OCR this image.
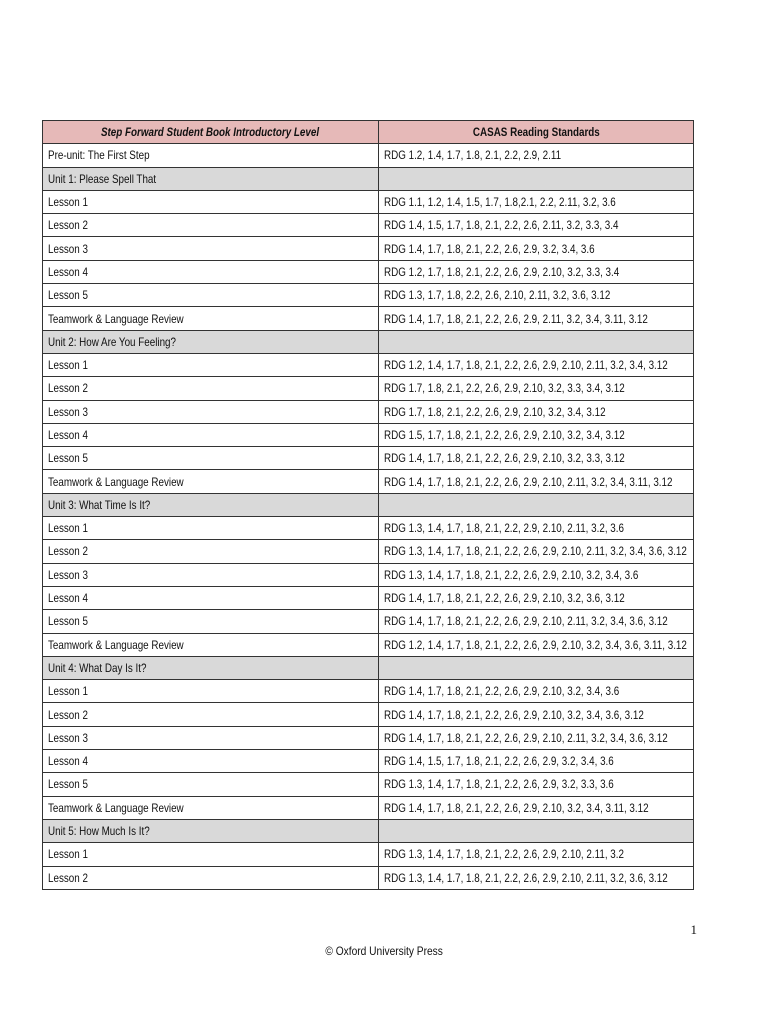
Step Forward Student Book Introductory Level	CASAS Reading Standards
Pre-unit: The First Step	RDG 1.2, 1.4, 1.7, 1.8, 2.1, 2.2, 2.9, 2.11
Unit 1: Please Spell That	
Lesson 1	RDG 1.1, 1.2, 1.4, 1.5, 1.7, 1.8,2.1, 2.2, 2.11, 3.2, 3.6
Lesson 2	RDG 1.4, 1.5, 1.7, 1.8, 2.1, 2.2, 2.6, 2.11, 3.2, 3.3, 3.4
Lesson 3	RDG 1.4, 1.7, 1.8, 2.1, 2.2, 2.6, 2.9, 3.2, 3.4, 3.6
Lesson 4	RDG 1.2, 1.7, 1.8, 2.1, 2.2, 2.6, 2.9, 2.10, 3.2, 3.3, 3.4
Lesson 5	RDG 1.3, 1.7, 1.8, 2.2, 2.6, 2.10, 2.11, 3.2, 3.6, 3.12
Teamwork & Language Review	RDG 1.4, 1.7, 1.8, 2.1, 2.2, 2.6, 2.9, 2.11, 3.2, 3.4, 3.11, 3.12
Unit 2: How Are You Feeling?	
Lesson 1	RDG 1.2, 1.4, 1.7, 1.8, 2.1, 2.2, 2.6, 2.9, 2.10, 2.11, 3.2, 3.4, 3.12
Lesson 2	RDG 1.7, 1.8, 2.1, 2.2, 2.6, 2.9, 2.10, 3.2, 3.3, 3.4, 3.12
Lesson 3	RDG 1.7, 1.8, 2.1, 2.2, 2.6, 2.9, 2.10, 3.2, 3.4, 3.12
Lesson 4	RDG 1.5, 1.7, 1.8, 2.1, 2.2, 2.6, 2.9, 2.10, 3.2, 3.4, 3.12
Lesson 5	RDG 1.4, 1.7, 1.8, 2.1, 2.2, 2.6, 2.9, 2.10, 3.2, 3.3, 3.12
Teamwork & Language Review	RDG 1.4, 1.7, 1.8, 2.1, 2.2, 2.6, 2.9, 2.10, 2.11, 3.2, 3.4, 3.11, 3.12
Unit 3: What Time Is It?	
Lesson 1	RDG 1.3, 1.4, 1.7, 1.8, 2.1, 2.2, 2.9, 2.10, 2.11, 3.2, 3.6
Lesson 2	RDG 1.3, 1.4, 1.7, 1.8, 2.1, 2.2, 2.6, 2.9, 2.10, 2.11, 3.2, 3.4, 3.6, 3.12
Lesson 3	RDG 1.3, 1.4, 1.7, 1.8, 2.1, 2.2, 2.6, 2.9, 2.10, 3.2, 3.4, 3.6
Lesson 4	RDG 1.4, 1.7, 1.8, 2.1, 2.2, 2.6, 2.9, 2.10, 3.2, 3.6, 3.12
Lesson 5	RDG 1.4, 1.7, 1.8, 2.1, 2.2, 2.6, 2.9, 2.10, 2.11, 3.2, 3.4, 3.6, 3.12
Teamwork & Language Review	RDG 1.2, 1.4, 1.7, 1.8, 2.1, 2.2, 2.6, 2.9, 2.10, 3.2, 3.4, 3.6, 3.11, 3.12
Unit 4: What Day Is It?	
Lesson 1	RDG 1.4, 1.7, 1.8, 2.1, 2.2, 2.6, 2.9, 2.10, 3.2, 3.4, 3.6
Lesson 2	RDG 1.4, 1.7, 1.8, 2.1, 2.2, 2.6, 2.9, 2.10, 3.2, 3.4, 3.6, 3.12
Lesson 3	RDG 1.4, 1.7, 1.8, 2.1, 2.2, 2.6, 2.9, 2.10, 2.11, 3.2, 3.4, 3.6, 3.12
Lesson 4	RDG 1.4, 1.5, 1.7, 1.8, 2.1, 2.2, 2.6, 2.9, 3.2, 3.4, 3.6
Lesson 5	RDG 1.3, 1.4, 1.7, 1.8, 2.1, 2.2, 2.6, 2.9, 3.2, 3.3, 3.6
Teamwork & Language Review	RDG 1.4, 1.7, 1.8, 2.1, 2.2, 2.6, 2.9, 2.10, 3.2, 3.4, 3.11, 3.12
Unit 5: How Much Is It?	
Lesson 1	RDG 1.3, 1.4, 1.7, 1.8, 2.1, 2.2, 2.6, 2.9, 2.10, 2.11, 3.2
Lesson 2	RDG 1.3, 1.4, 1.7, 1.8, 2.1, 2.2, 2.6, 2.9, 2.10, 2.11, 3.2, 3.6, 3.12
1
© Oxford University Press
